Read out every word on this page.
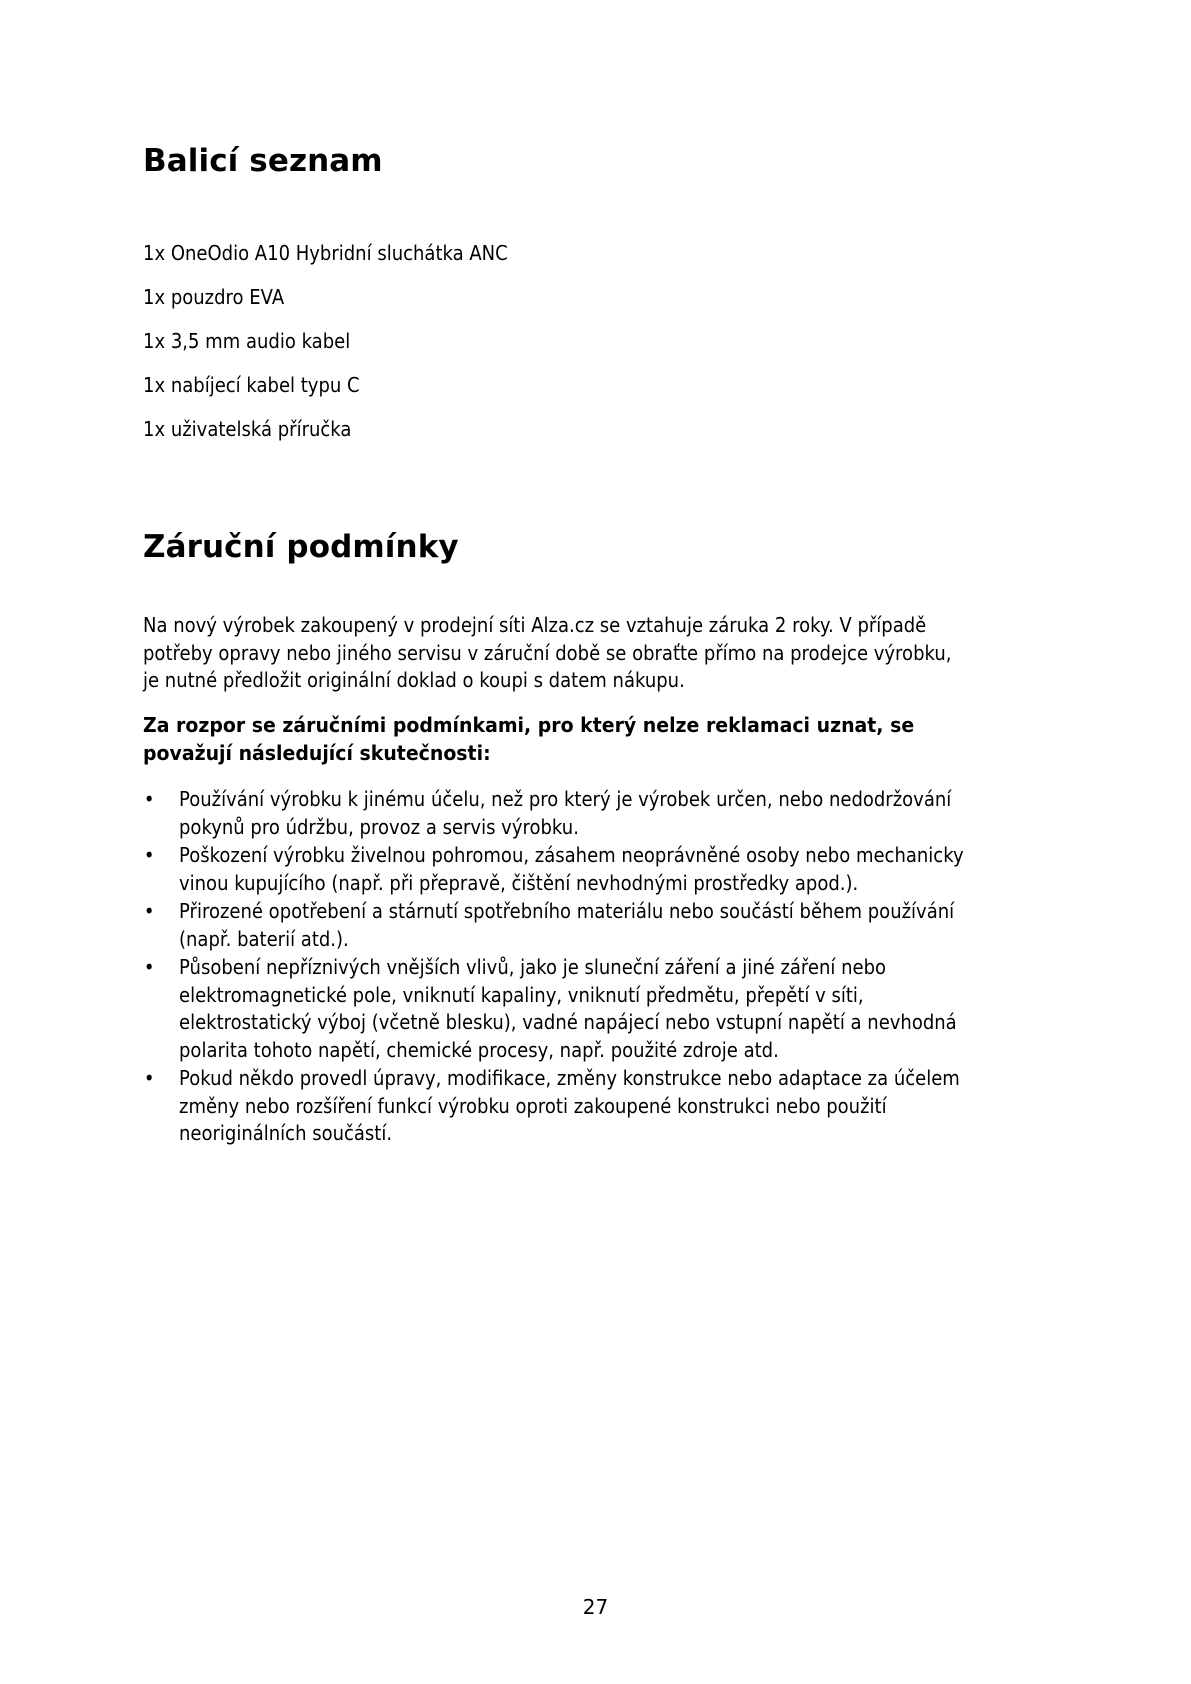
Balicí seznam
1x OneOdio A10 Hybridní sluchátka ANC
1x pouzdro EVA
1x 3,5 mm audio kabel
1x nabíjecí kabel typu C
1x uživatelská příručka
Záruční podmínky
Na nový výrobek zakoupený v prodejní síti Alza.cz se vztahuje záruka 2 roky. V případě
potřeby opravy nebo jiného servisu v záruční době se obraťte přímo na prodejce výrobku,
je nutné předložit originální doklad o koupi s datem nákupu.
Za rozpor se záručními podmínkami, pro který nelze reklamaci uznat, se
považují následující skutečnosti:
•	Používání výrobku k jinému účelu, než pro který je výrobek určen, nebo nedodržování
pokynů pro údržbu, provoz a servis výrobku.
•	Poškození výrobku živelnou pohromou, zásahem neoprávněné osoby nebo mechanicky
vinou kupujícího (např. při přepravě, čištění nevhodnými prostředky apod.).
•	Přirozené opotřebení a stárnutí spotřebního materiálu nebo součástí během používání
(např. baterií atd.).
•	Působení nepříznivých vnějších vlivů, jako je sluneční záření a jiné záření nebo
elektromagnetické pole, vniknutí kapaliny, vniknutí předmětu, přepětí v síti,
elektrostatický výboj (včetně blesku), vadné napájecí nebo vstupní napětí a nevhodná
polarita tohoto napětí, chemické procesy, např. použité zdroje atd.
•	Pokud někdo provedl úpravy, modifikace, změny konstrukce nebo adaptace za účelem
změny nebo rozšíření funkcí výrobku oproti zakoupené konstrukci nebo použití
neoriginálních součástí.
27
